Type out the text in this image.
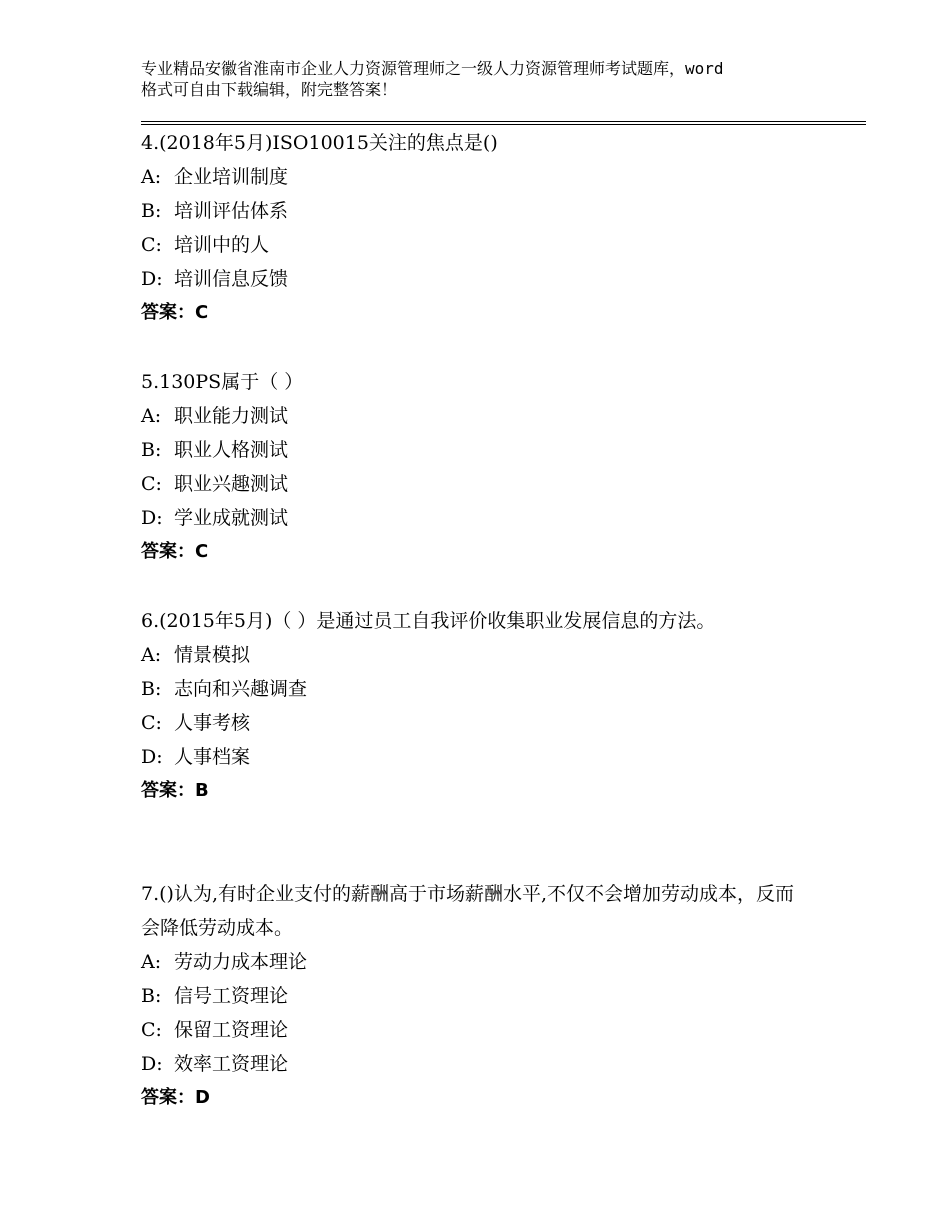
专业精品安徽省淮南市企业人力资源管理师之一级人力资源管理师考试题库，word
格式可自由下载编辑，附完整答案！
4.(2018年5月)ISO10015关注的焦点是()
A: 企业培训制度
B: 培训评估体系
C: 培训中的人
D: 培训信息反馈
答案：C
5.130PS属于（ ）
A: 职业能力测试
B: 职业人格测试
C: 职业兴趣测试
D: 学业成就测试
答案：C
6.(2015年5月)（ ）是通过员工自我评价收集职业发展信息的方法。
A: 情景模拟
B: 志向和兴趣调查
C: 人事考核
D: 人事档案
答案：B
7.()认为,有时企业支付的薪酬高于市场薪酬水平,不仅不会增加劳动成本，反而会降低劳动成本。
A: 劳动力成本理论
B: 信号工资理论
C: 保留工资理论
D: 效率工资理论
答案：D
